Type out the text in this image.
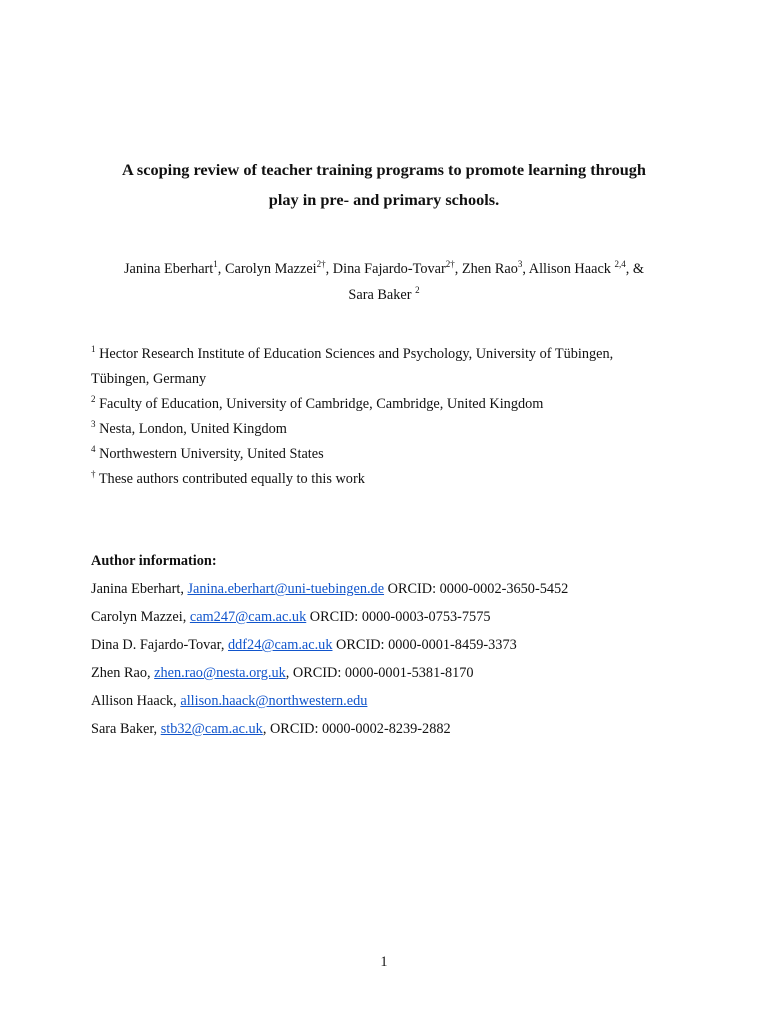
A scoping review of teacher training programs to promote learning through
play in pre- and primary schools.
Janina Eberhart$^1$, Carolyn Mazzei$^{2\dagger}$, Dina Fajardo-Tovar$^{2\dagger}$, Zhen Rao$^3$, Allison Haack $^{2,4}$, &
Sara Baker $^2$
$^1$ Hector Research Institute of Education Sciences and Psychology, University of Tübingen,
Tübingen, Germany
$^2$ Faculty of Education, University of Cambridge, Cambridge, United Kingdom
$^3$ Nesta, London, United Kingdom
$^4$ Northwestern University, United States
† These authors contributed equally to this work
Author information:
Janina Eberhart, Janina.eberhart@uni-tuebingen.de ORCID: 0000-0002-3650-5452
Carolyn Mazzei, cam247@cam.ac.uk ORCID: 0000-0003-0753-7575
Dina D. Fajardo-Tovar, ddf24@cam.ac.uk ORCID: 0000-0001-8459-3373
Zhen Rao, zhen.rao@nesta.org.uk, ORCID: 0000-0001-5381-8170
Allison Haack, allison.haack@northwestern.edu
Sara Baker, stb32@cam.ac.uk, ORCID: 0000-0002-8239-2882
1
